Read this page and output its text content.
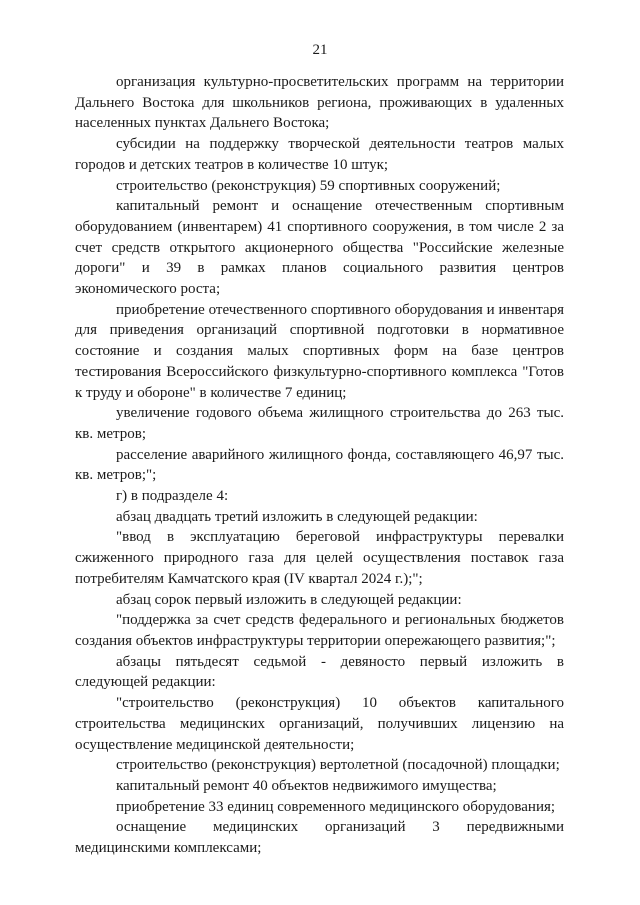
21

организация культурно-просветительских программ на территории Дальнего Востока для школьников региона, проживающих в удаленных населенных пунктах Дальнего Востока;

субсидии на поддержку творческой деятельности театров малых городов и детских театров в количестве 10 штук;

строительство (реконструкция) 59 спортивных сооружений;

капитальный ремонт и оснащение отечественным спортивным оборудованием (инвентарем) 41 спортивного сооружения, в том числе 2 за счет средств открытого акционерного общества "Российские железные дороги" и 39 в рамках планов социального развития центров экономического роста;

приобретение отечественного спортивного оборудования и инвентаря для приведения организаций спортивной подготовки в нормативное состояние и создания малых спортивных форм на базе центров тестирования Всероссийского физкультурно-спортивного комплекса "Готов к труду и обороне" в количестве 7 единиц;

увеличение годового объема жилищного строительства до 263 тыс. кв. метров;

расселение аварийного жилищного фонда, составляющего 46,97 тыс. кв. метров;";

г) в подразделе 4:

абзац двадцать третий изложить в следующей редакции:

"ввод в эксплуатацию береговой инфраструктуры перевалки сжиженного природного газа для целей осуществления поставок газа потребителям Камчатского края (IV квартал 2024 г.);";

абзац сорок первый изложить в следующей редакции:

"поддержка за счет средств федерального и региональных бюджетов создания объектов инфраструктуры территории опережающего развития;";

абзацы пятьдесят седьмой - девяносто первый изложить в следующей редакции:

"строительство (реконструкция) 10 объектов капитального строительства медицинских организаций, получивших лицензию на осуществление медицинской деятельности;

строительство (реконструкция) вертолетной (посадочной) площадки;

капитальный ремонт 40 объектов недвижимого имущества;

приобретение 33 единиц современного медицинского оборудования;

оснащение медицинских организаций 3 передвижными медицинскими комплексами;
